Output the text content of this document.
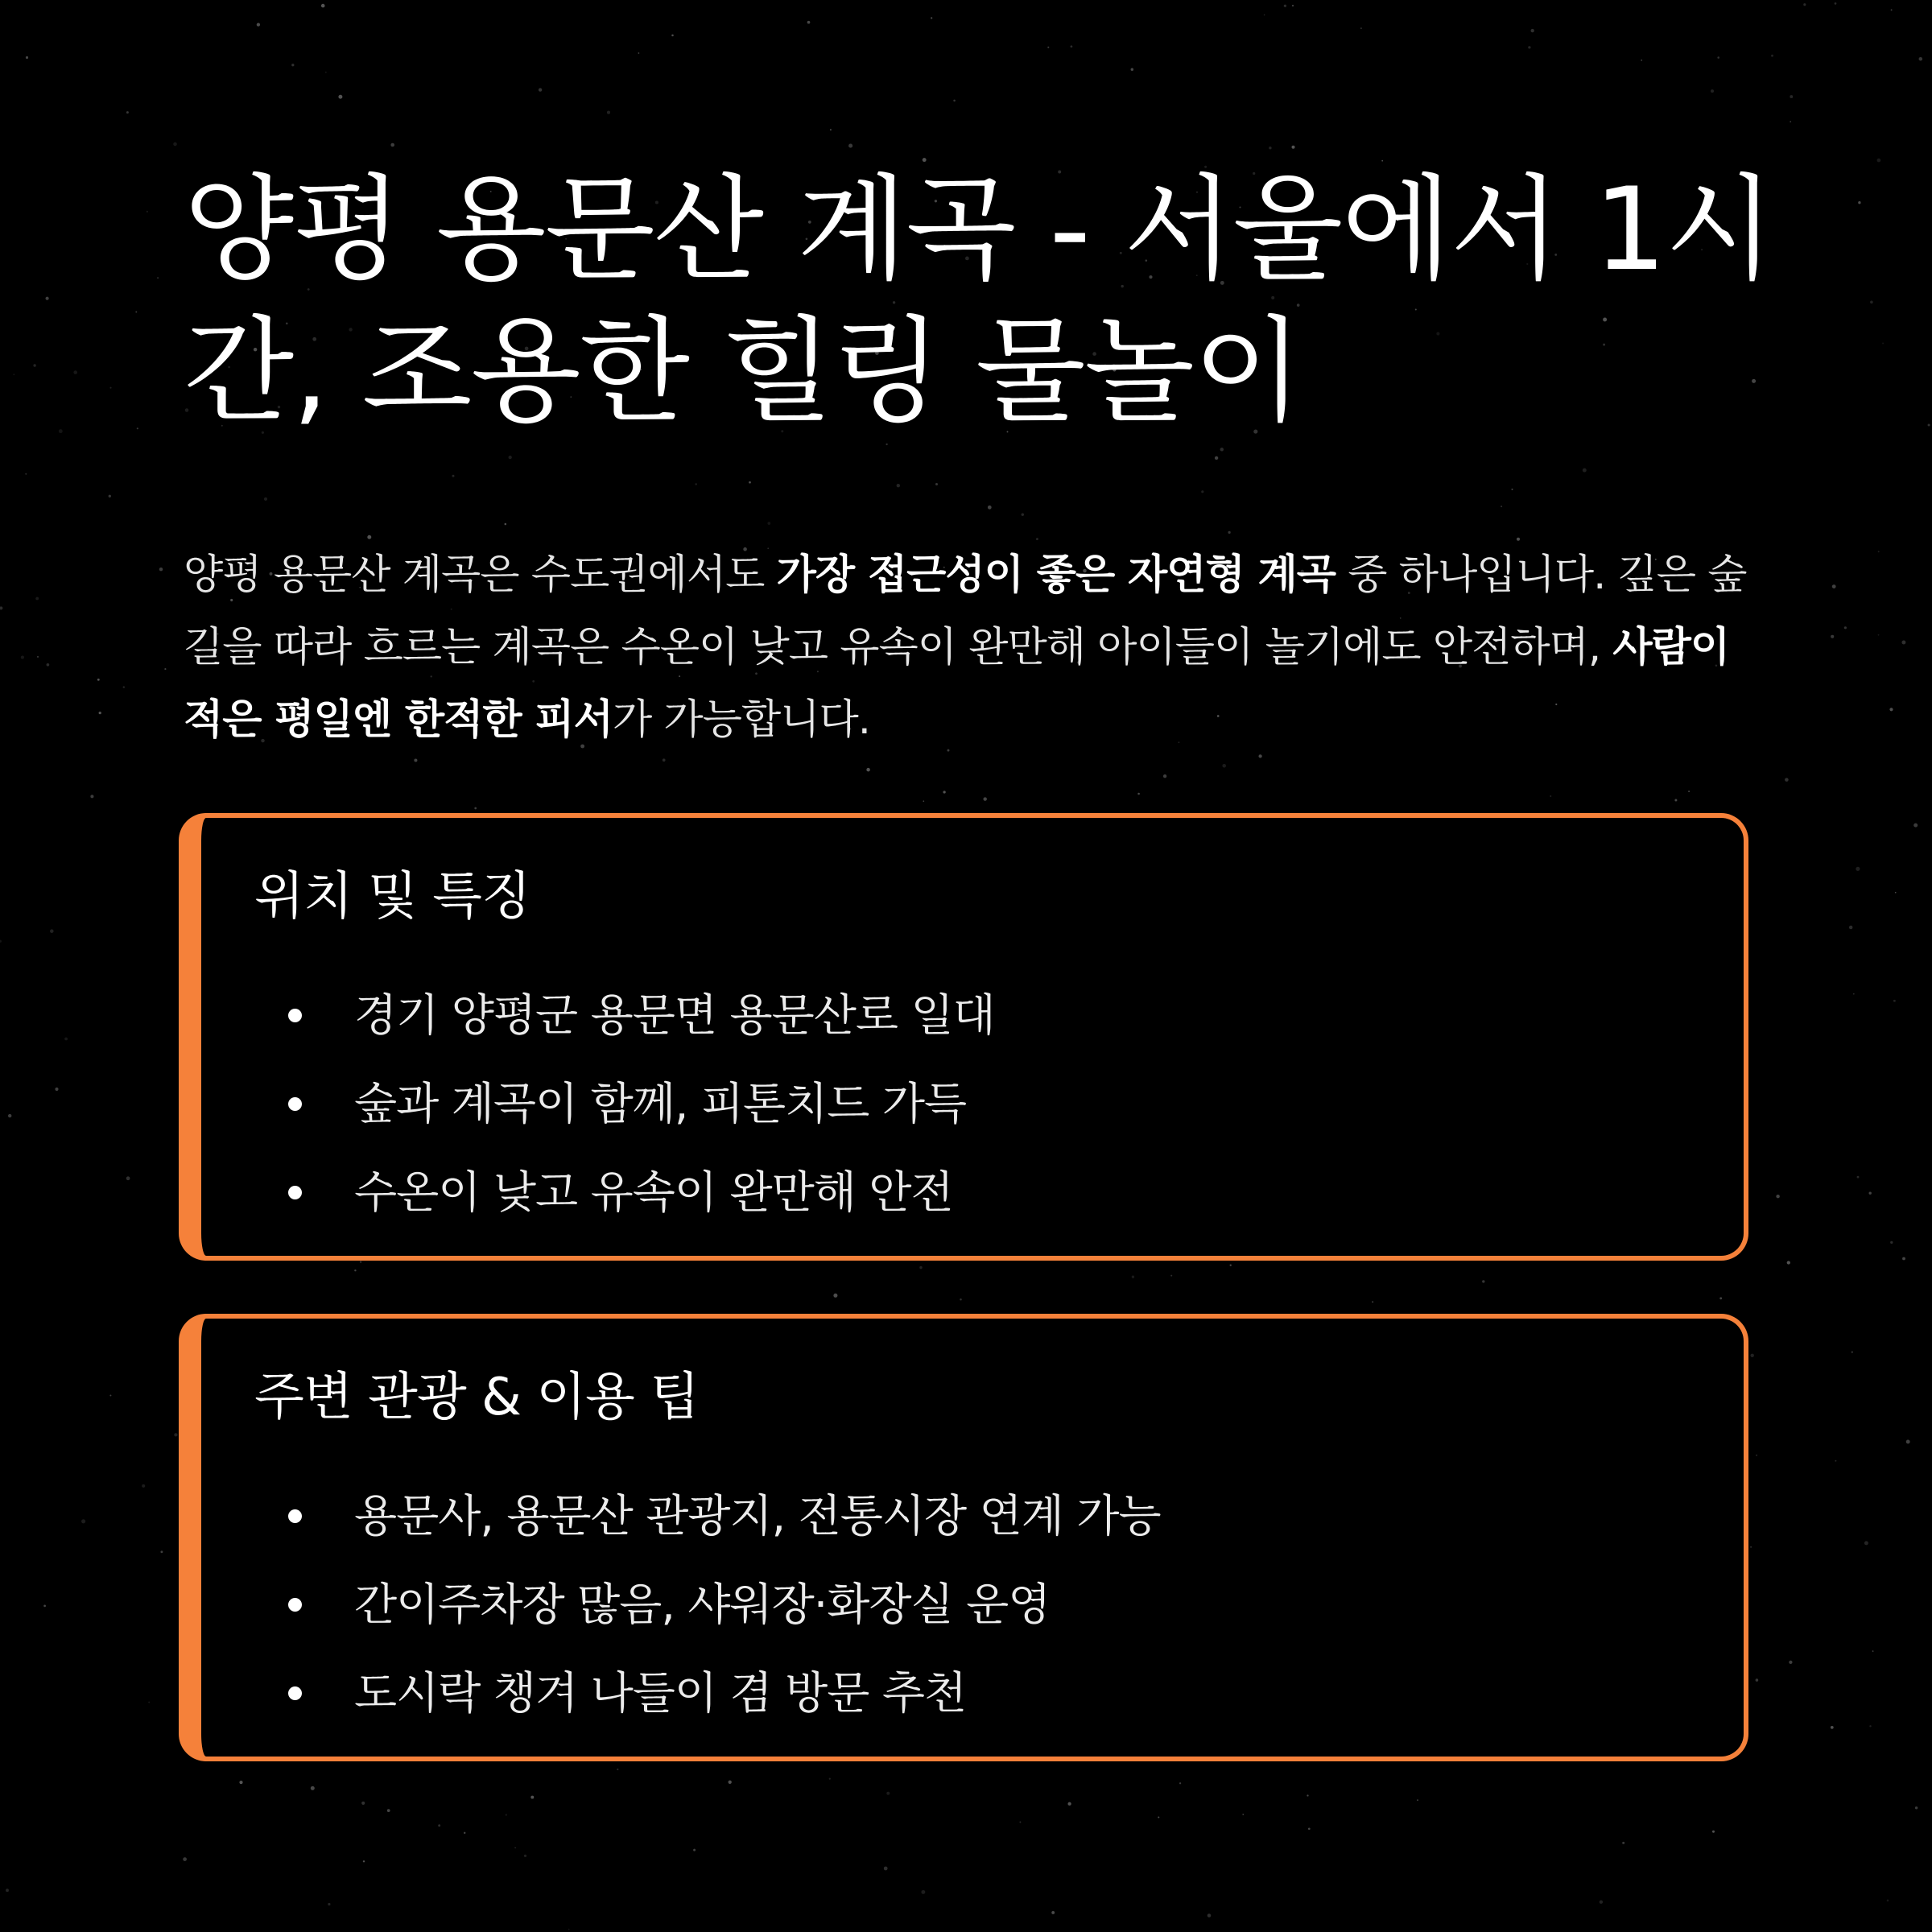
양평 용문산 계곡 - 서울에서 1시간, 조용한 힐링 물놀이

양평 용문산 계곡은 수도권에서도 가장 접근성이 좋은 자연형 계곡 중 하나입니다. 깊은 숲길을 따라 흐르는 계곡은 수온이 낮고 유속이 완만해 아이들이 놀기에도 안전하며, 사람이 적은 평일엔 한적한 피서가 가능합니다.

위치 및 특징
경기 양평군 용문면 용문산로 일대
숲과 계곡이 함께, 피톤치드 가득
수온이 낮고 유속이 완만해 안전
주변 관광 & 이용 팁
용문사, 용문산 관광지, 전통시장 연계 가능
간이주차장 많음, 샤워장·화장실 운영
도시락 챙겨 나들이 겸 방문 추천
